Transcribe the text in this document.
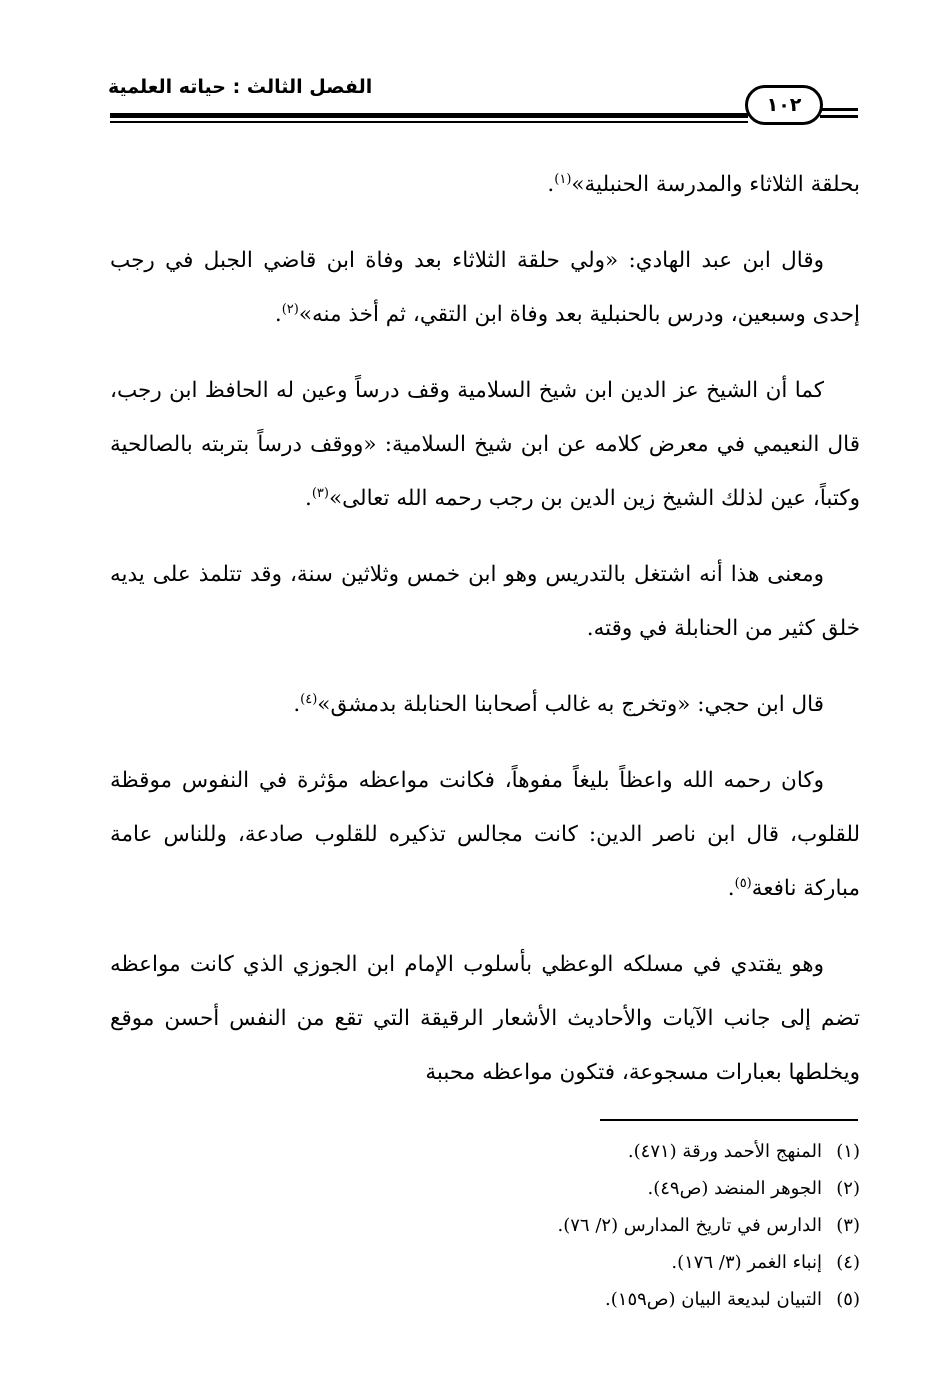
الفصل الثالث : حياته العلمية
١٠٢

بحلقة الثلاثاء والمدرسة الحنبلية»$^{(١)}$.

وقال ابن عبد الهادي: «ولي حلقة الثلاثاء بعد وفاة ابن قاضي الجبل في رجب إحدى وسبعين، ودرس بالحنبلية بعد وفاة ابن التقي، ثم أخذ منه»$^{(٢)}$.

كما أن الشيخ عز الدين ابن شيخ السلامية وقف درساً وعين له الحافظ ابن رجب، قال النعيمي في معرض كلامه عن ابن شيخ السلامية: «ووقف درساً بتربته بالصالحية وكتباً، عين لذلك الشيخ زين الدين بن رجب رحمه الله تعالى»$^{(٣)}$.

ومعنى هذا أنه اشتغل بالتدريس وهو ابن خمس وثلاثين سنة، وقد تتلمذ على يديه خلق كثير من الحنابلة في وقته.

قال ابن حجي: «وتخرج به غالب أصحابنا الحنابلة بدمشق»$^{(٤)}$.

وكان رحمه الله واعظاً بليغاً مفوهاً، فكانت مواعظه مؤثرة في النفوس موقظة للقلوب، قال ابن ناصر الدين: كانت مجالس تذكيره للقلوب صادعة، وللناس عامة مباركة نافعة$^{(٥)}$.

وهو يقتدي في مسلكه الوعظي بأسلوب الإمام ابن الجوزي الذي كانت مواعظه تضم إلى جانب الآيات والأحاديث الأشعار الرقيقة التي تقع من النفس أحسن موقع ويخلطها بعبارات مسجوعة، فتكون مواعظه محببة

(١)المنهج الأحمد ورقة (٤٧١).
(٢)الجوهر المنضد (ص٤٩).
(٣)الدارس في تاريخ المدارس (٢/ ٧٦).
(٤)إنباء الغمر (٣/ ١٧٦).
(٥)التبيان لبديعة البيان (ص١٥٩).
